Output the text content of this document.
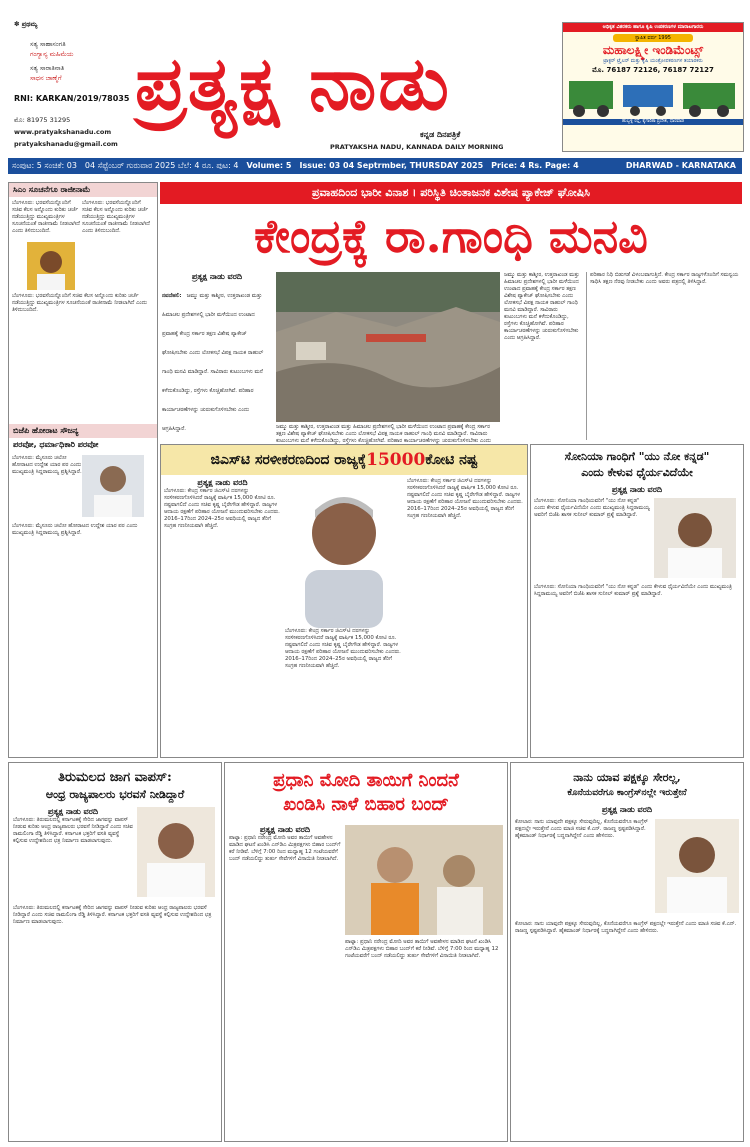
✽ ಪ್ರಥಮ್ಯ
ಸತ್ಯ ಸಾಹಾಸಂಗತಿ
ಗಂಗ್ಯಾನ್ಯ ಮಹಿಮೆಯ
ಸತ್ಯ ಸಾರಾತಿನಾತಿ
ಸಾಧನ ಜಾಣ್ಮೆಗೆ
RNI: KARKAN/2019/78035
ಮೊ: 81975 31295
www.pratyakshanadu.com
pratyakshanadu@gmail.com
ಪ್ರತ್ಯಕ್ಷ ನಾಡು
ಕನ್ನಡ ದಿನಪತ್ರಿಕೆ
PRATYAKSHA NADU, KANNADA DAILY MORNING
ಅಧಿಕೃತ ವಿತರಕರು ಹಾಗೂ ಕೃಷಿ ಉಪಕರಣಗಳ ಮಾರಾಟಗಾರರು
ಸ್ಥಾಪಿತ ವರ್ಷ 1995
ಮಹಾಲಕ್ಷ್ಮೀ ಇಂಡಿಮೆಂಟ್ಸ್
ಟ್ರಾಕ್ಟರ್ ಟ್ರೈಲರ್ ಮತ್ತು ಕೃಷಿ ಯಂತ್ರೋಪಕರಣಗಳ ತಯಾರಕರು
ಮೊ. 76187 72126, 76187 72127
ಹುಬ್ಬಳ್ಳಿ ರಸ್ತೆ, ಕೈಗಾರಿಕಾ ಪ್ರದೇಶ, ಧಾರವಾಡ
ಸಂಪುಟ: 5 ಸಂಚಿಕೆ: 03 04 ಸೆಪ್ಟೆಂಬರ್ ಗುರುವಾರ 2025 ಬೆಲೆ: 4 ರೂ. ಪುಟ: 4 Volume: 5 Issue: 03 04 Septrmber, THURSDAY 2025 Price: 4 Rs. Page: 4	DHARWAD - KARNATAKA
ಸಿಎಂ ಸೂಚನೆಗೂ ರಾಜೀನಾಮೆ
ಬೆಂಗಳೂರು: ಭರವಸೆಯನ್ನೊಂದಿಗೆ ಸಚಿವ ಕೆಲಸ ಅನ್ನೊಂದು ಕುರಿತು ಚರ್ಚೆ ನಡೆಯುತ್ತಿದ್ದು ಮುಖ್ಯಮಂತ್ರಿಗಳ ಸೂಚನೆಯಂತೆ ರಾಜೀನಾಮೆ ನೀಡಲಾಗಿದೆ ಎಂದು ತಿಳಿದುಬಂದಿದೆ.
ಬೆಂಗಳೂರು: ಭರವಸೆಯನ್ನೊಂದಿಗೆ ಸಚಿವ ಕೆಲಸ ಅನ್ನೊಂದು ಕುರಿತು ಚರ್ಚೆ ನಡೆಯುತ್ತಿದ್ದು ಮುಖ್ಯಮಂತ್ರಿಗಳ ಸೂಚನೆಯಂತೆ ರಾಜೀನಾಮೆ ನೀಡಲಾಗಿದೆ ಎಂದು ತಿಳಿದುಬಂದಿದೆ.
ಬೆಂಗಳೂರು: ಭರವಸೆಯನ್ನೊಂದಿಗೆ ಸಚಿವ ಕೆಲಸ ಅನ್ನೊಂದು ಕುರಿತು ಚರ್ಚೆ ನಡೆಯುತ್ತಿದ್ದು ಮುಖ್ಯಮಂತ್ರಿಗಳ ಸೂಚನೆಯಂತೆ ರಾಜೀನಾಮೆ ನೀಡಲಾಗಿದೆ ಎಂದು ತಿಳಿದುಬಂದಿದೆ.
ಬಿಜೆಪಿ ಹೋರಾಟ ಸೌಜನ್ಯ
ಪರವೋ, ಧರ್ಮಾಧಿಕಾರಿ ಪರವೋ
ಬೆಂಗಳೂರು: ಮೈಸೂರು ಚಲೋ ಹೋರಾಟದ ಉದ್ದೇಶ ಯಾರ ಪರ ಎಂದು ಮುಖ್ಯಮಂತ್ರಿ ಸಿದ್ದರಾಮಯ್ಯ ಪ್ರಶ್ನಿಸಿದ್ದಾರೆ.
ಬೆಂಗಳೂರು: ಮೈಸೂರು ಚಲೋ ಹೋರಾಟದ ಉದ್ದೇಶ ಯಾರ ಪರ ಎಂದು ಮುಖ್ಯಮಂತ್ರಿ ಸಿದ್ದರಾಮಯ್ಯ ಪ್ರಶ್ನಿಸಿದ್ದಾರೆ.
ಪ್ರವಾಹದಿಂದ ಭಾರೀ ವಿನಾಶ । ಪರಿಸ್ಥಿತಿ ಚಿಂತಾಜನಕ ವಿಶೇಷ ಪ್ಯಾಕೇಜ್ ಘೋಷಿಸಿ
ಕೇಂದ್ರಕ್ಕೆ ರಾ.ಗಾಂಧಿ ಮನವಿ
ಪ್ರತ್ಯಕ್ಷ ನಾಡು ವರದಿ
ನವದೆಹಲಿ: ಜಮ್ಮು ಮತ್ತು ಕಾಶ್ಮೀರ, ಉತ್ತರಾಖಂಡ ಮತ್ತು ಹಿಮಾಚಲ ಪ್ರದೇಶಗಳಲ್ಲಿ ಭಾರೀ ಮಳೆಯಿಂದ ಉಂಟಾದ ಪ್ರವಾಹಕ್ಕೆ ಕೇಂದ್ರ ಸರ್ಕಾರ ತಕ್ಷಣ ವಿಶೇಷ ಪ್ಯಾಕೇಜ್ ಘೋಷಿಸಬೇಕು ಎಂದು ಲೋಕಸಭೆ ವಿಪಕ್ಷ ನಾಯಕ ರಾಹುಲ್ ಗಾಂಧಿ ಮನವಿ ಮಾಡಿದ್ದಾರೆ. ಸಾವಿರಾರು ಕುಟುಂಬಗಳು ಮನೆ ಕಳೆದುಕೊಂಡಿದ್ದು, ರಸ್ತೆಗಳು ಕೊಚ್ಚಿಹೋಗಿವೆ. ಪರಿಹಾರ ಕಾರ್ಯಾಚರಣೆಗಳನ್ನು ಚುರುಕುಗೊಳಿಸಬೇಕು ಎಂದು ಆಗ್ರಹಿಸಿದ್ದಾರೆ.	ಜಮ್ಮು ಮತ್ತು ಕಾಶ್ಮೀರ, ಉತ್ತರಾಖಂಡ ಮತ್ತು ಹಿಮಾಚಲ ಪ್ರದೇಶಗಳಲ್ಲಿ ಭಾರೀ ಮಳೆಯಿಂದ ಉಂಟಾದ ಪ್ರವಾಹಕ್ಕೆ ಕೇಂದ್ರ ಸರ್ಕಾರ ತಕ್ಷಣ ವಿಶೇಷ ಪ್ಯಾಕೇಜ್ ಘೋಷಿಸಬೇಕು ಎಂದು ಲೋಕಸಭೆ ವಿಪಕ್ಷ ನಾಯಕ ರಾಹುಲ್ ಗಾಂಧಿ ಮನವಿ ಮಾಡಿದ್ದಾರೆ. ಸಾವಿರಾರು ಕುಟುಂಬಗಳು ಮನೆ ಕಳೆದುಕೊಂಡಿದ್ದು, ರಸ್ತೆಗಳು ಕೊಚ್ಚಿಹೋಗಿವೆ. ಪರಿಹಾರ ಕಾರ್ಯಾಚರಣೆಗಳನ್ನು ಚುರುಕುಗೊಳಿಸಬೇಕು ಎಂದು
ಜಮ್ಮು ಮತ್ತು ಕಾಶ್ಮೀರ, ಉತ್ತರಾಖಂಡ ಮತ್ತು ಹಿಮಾಚಲ ಪ್ರದೇಶಗಳಲ್ಲಿ ಭಾರೀ ಮಳೆಯಿಂದ ಉಂಟಾದ ಪ್ರವಾಹಕ್ಕೆ ಕೇಂದ್ರ ಸರ್ಕಾರ ತಕ್ಷಣ ವಿಶೇಷ ಪ್ಯಾಕೇಜ್ ಘೋಷಿಸಬೇಕು ಎಂದು ಲೋಕಸಭೆ ವಿಪಕ್ಷ ನಾಯಕ ರಾಹುಲ್ ಗಾಂಧಿ ಮನವಿ ಮಾಡಿದ್ದಾರೆ. ಸಾವಿರಾರು ಕುಟುಂಬಗಳು ಮನೆ ಕಳೆದುಕೊಂಡಿದ್ದು, ರಸ್ತೆಗಳು ಕೊಚ್ಚಿಹೋಗಿವೆ. ಪರಿಹಾರ ಕಾರ್ಯಾಚರಣೆಗಳನ್ನು ಚುರುಕುಗೊಳಿಸಬೇಕು ಎಂದು ಆಗ್ರಹಿಸಿದ್ದಾರೆ.
ಪರಿಹಾರ ನಿಧಿ ಬಿಡುಗಡೆ ವಿಳಂಬವಾಗುತ್ತಿದೆ. ಕೇಂದ್ರ ಸರ್ಕಾರ ರಾಜ್ಯಗಳೊಂದಿಗೆ ಸಮನ್ವಯ ಸಾಧಿಸಿ ತಕ್ಷಣ ನೆರವು ನೀಡಬೇಕು ಎಂದು ಅವರು ಪತ್ರದಲ್ಲಿ ತಿಳಿಸಿದ್ದಾರೆ.
ಜಿಎಸ್‌ಟಿ ಸರಳೀಕರಣದಿಂದ ರಾಜ್ಯಕ್ಕೆ 15000 ಕೋಟಿ ನಷ್ಟ
ಪ್ರತ್ಯಕ್ಷ ನಾಡು ವರದಿ
ಬೆಂಗಳೂರು: ಕೇಂದ್ರ ಸರ್ಕಾರ ಜಿಎಸ್‌ಟಿ ದರಗಳನ್ನು ಸರಳೀಕರಣಗೊಳಿಸಿದರೆ ರಾಜ್ಯಕ್ಕೆ ವಾರ್ಷಿಕ 15,000 ಕೋಟಿ ರೂ. ನಷ್ಟವಾಗಲಿದೆ ಎಂದು ಸಚಿವ ಕೃಷ್ಣ ಬೈರೇಗೌಡ ಹೇಳಿದ್ದಾರೆ. ರಾಜ್ಯಗಳ ಆದಾಯ ರಕ್ಷಣೆಗೆ ಪರಿಹಾರ ಯೋಜನೆ ಮುಂದುವರಿಸಬೇಕು ಎಂದರು. 2016–17ರಿಂದ 2024–25ರ ಅವಧಿಯಲ್ಲಿ ರಾಜ್ಯದ ತೆರಿಗೆ ಸಂಗ್ರಹ ಗಣನೀಯವಾಗಿ ಹೆಚ್ಚಿದೆ.
ಬೆಂಗಳೂರು: ಕೇಂದ್ರ ಸರ್ಕಾರ ಜಿಎಸ್‌ಟಿ ದರಗಳನ್ನು ಸರಳೀಕರಣಗೊಳಿಸಿದರೆ ರಾಜ್ಯಕ್ಕೆ ವಾರ್ಷಿಕ 15,000 ಕೋಟಿ ರೂ. ನಷ್ಟವಾಗಲಿದೆ ಎಂದು ಸಚಿವ ಕೃಷ್ಣ ಬೈರೇಗೌಡ ಹೇಳಿದ್ದಾರೆ. ರಾಜ್ಯಗಳ ಆದಾಯ ರಕ್ಷಣೆಗೆ ಪರಿಹಾರ ಯೋಜನೆ ಮುಂದುವರಿಸಬೇಕು ಎಂದರು. 2016–17ರಿಂದ 2024–25ರ ಅವಧಿಯಲ್ಲಿ ರಾಜ್ಯದ ತೆರಿಗೆ ಸಂಗ್ರಹ ಗಣನೀಯವಾಗಿ ಹೆಚ್ಚಿದೆ.
ಬೆಂಗಳೂರು: ಕೇಂದ್ರ ಸರ್ಕಾರ ಜಿಎಸ್‌ಟಿ ದರಗಳನ್ನು ಸರಳೀಕರಣಗೊಳಿಸಿದರೆ ರಾಜ್ಯಕ್ಕೆ ವಾರ್ಷಿಕ 15,000 ಕೋಟಿ ರೂ. ನಷ್ಟವಾಗಲಿದೆ ಎಂದು ಸಚಿವ ಕೃಷ್ಣ ಬೈರೇಗೌಡ ಹೇಳಿದ್ದಾರೆ. ರಾಜ್ಯಗಳ ಆದಾಯ ರಕ್ಷಣೆಗೆ ಪರಿಹಾರ ಯೋಜನೆ ಮುಂದುವರಿಸಬೇಕು ಎಂದರು. 2016–17ರಿಂದ 2024–25ರ ಅವಧಿಯಲ್ಲಿ ರಾಜ್ಯದ ತೆರಿಗೆ ಸಂಗ್ರಹ ಗಣನೀಯವಾಗಿ ಹೆಚ್ಚಿದೆ.
ಸೋನಿಯಾ ಗಾಂಧಿಗೆ "ಯು ನೋ ಕನ್ನಡ"
ಎಂದು ಕೇಳುವ ಧೈರ್ಯವಿದೆಯೇ
ಪ್ರತ್ಯಕ್ಷ ನಾಡು ವರದಿ
ಬೆಂಗಳೂರು: ಸೋನಿಯಾ ಗಾಂಧಿಯವರಿಗೆ "ಯು ನೋ ಕನ್ನಡ" ಎಂದು ಕೇಳುವ ಧೈರ್ಯವಿದೆಯೇ ಎಂದು ಮುಖ್ಯಮಂತ್ರಿ ಸಿದ್ದರಾಮಯ್ಯ ಅವರಿಗೆ ಬಿಜೆಪಿ ಶಾಸಕ ಸುನೀಲ್ ಕುಮಾರ್ ಪ್ರಶ್ನೆ ಮಾಡಿದ್ದಾರೆ.
ಬೆಂಗಳೂರು: ಸೋನಿಯಾ ಗಾಂಧಿಯವರಿಗೆ "ಯು ನೋ ಕನ್ನಡ" ಎಂದು ಕೇಳುವ ಧೈರ್ಯವಿದೆಯೇ ಎಂದು ಮುಖ್ಯಮಂತ್ರಿ ಸಿದ್ದರಾಮಯ್ಯ ಅವರಿಗೆ ಬಿಜೆಪಿ ಶಾಸಕ ಸುನೀಲ್ ಕುಮಾರ್ ಪ್ರಶ್ನೆ ಮಾಡಿದ್ದಾರೆ.
ತಿರುಮಲದ ಜಾಗ ವಾಪಸ್:
ಆಂಧ್ರ ರಾಜ್ಯಪಾಲರು ಭರವಸೆ ನೀಡಿದ್ದಾರೆ
ಪ್ರತ್ಯಕ್ಷ ನಾಡು ವರದಿ
ಬೆಂಗಳೂರು: ತಿರುಮಲದಲ್ಲಿ ಕರ್ನಾಟಕಕ್ಕೆ ಸೇರಿದ ಜಾಗವನ್ನು ವಾಪಸ್ ನೀಡುವ ಕುರಿತು ಆಂಧ್ರ ರಾಜ್ಯಪಾಲರು ಭರವಸೆ ನೀಡಿದ್ದಾರೆ ಎಂದು ಸಚಿವ ರಾಮಲಿಂಗಾ ರೆಡ್ಡಿ ತಿಳಿಸಿದ್ದಾರೆ. ಕರ್ನಾಟಕ ಭಕ್ತರಿಗೆ ವಸತಿ ವ್ಯವಸ್ಥೆ ಕಲ್ಪಿಸುವ ಉದ್ದೇಶದಿಂದ ಛತ್ರ ನಿರ್ಮಾಣ ಮಾಡಲಾಗುವುದು.
ಬೆಂಗಳೂರು: ತಿರುಮಲದಲ್ಲಿ ಕರ್ನಾಟಕಕ್ಕೆ ಸೇರಿದ ಜಾಗವನ್ನು ವಾಪಸ್ ನೀಡುವ ಕುರಿತು ಆಂಧ್ರ ರಾಜ್ಯಪಾಲರು ಭರವಸೆ ನೀಡಿದ್ದಾರೆ ಎಂದು ಸಚಿವ ರಾಮಲಿಂಗಾ ರೆಡ್ಡಿ ತಿಳಿಸಿದ್ದಾರೆ. ಕರ್ನಾಟಕ ಭಕ್ತರಿಗೆ ವಸತಿ ವ್ಯವಸ್ಥೆ ಕಲ್ಪಿಸುವ ಉದ್ದೇಶದಿಂದ ಛತ್ರ ನಿರ್ಮಾಣ ಮಾಡಲಾಗುವುದು.
ಪ್ರಧಾನಿ ಮೋದಿ ತಾಯಿಗೆ ನಿಂದನೆ
ಖಂಡಿಸಿ ನಾಳೆ ಬಿಹಾರ ಬಂದ್
ಪ್ರತ್ಯಕ್ಷ ನಾಡು ವರದಿ
ಪಾಟ್ನಾ: ಪ್ರಧಾನಿ ನರೇಂದ್ರ ಮೋದಿ ಅವರ ತಾಯಿಗೆ ಅವಹೇಳನ ಮಾಡಿದ ಘಟನೆ ಖಂಡಿಸಿ ಎನ್‌ಡಿಎ ಮಿತ್ರಪಕ್ಷಗಳು ಬಿಹಾರ ಬಂದ್‌ಗೆ ಕರೆ ನೀಡಿವೆ. ಬೆಳಿಗ್ಗೆ 7:00 ರಿಂದ ಮಧ್ಯಾಹ್ನ 12 ಗಂಟೆಯವರೆಗೆ ಬಂದ್ ನಡೆಯಲಿದ್ದು ತುರ್ತು ಸೇವೆಗಳಿಗೆ ವಿನಾಯಿತಿ ನೀಡಲಾಗಿದೆ.
ಪಾಟ್ನಾ: ಪ್ರಧಾನಿ ನರೇಂದ್ರ ಮೋದಿ ಅವರ ತಾಯಿಗೆ ಅವಹೇಳನ ಮಾಡಿದ ಘಟನೆ ಖಂಡಿಸಿ ಎನ್‌ಡಿಎ ಮಿತ್ರಪಕ್ಷಗಳು ಬಿಹಾರ ಬಂದ್‌ಗೆ ಕರೆ ನೀಡಿವೆ. ಬೆಳಿಗ್ಗೆ 7:00 ರಿಂದ ಮಧ್ಯಾಹ್ನ 12 ಗಂಟೆಯವರೆಗೆ ಬಂದ್ ನಡೆಯಲಿದ್ದು ತುರ್ತು ಸೇವೆಗಳಿಗೆ ವಿನಾಯಿತಿ ನೀಡಲಾಗಿದೆ.
ನಾನು ಯಾವ ಪಕ್ಷಕ್ಕೂ ಸೇರಲ್ಲ,
ಕೊನೆಯವರೆಗೂ ಕಾಂಗ್ರೆಸ್‌ನಲ್ಲೇ ಇರುತ್ತೇನೆ
ಪ್ರತ್ಯಕ್ಷ ನಾಡು ವರದಿ
ಕೋಲಾರ: ನಾನು ಯಾವುದೇ ಪಕ್ಷಕ್ಕೂ ಸೇರುವುದಿಲ್ಲ, ಕೊನೆಯವರೆಗೂ ಕಾಂಗ್ರೆಸ್ ಪಕ್ಷದಲ್ಲೇ ಇರುತ್ತೇನೆ ಎಂದು ಮಾಜಿ ಸಚಿವ ಕೆ.ಎನ್. ರಾಜಣ್ಣ ಸ್ಪಷ್ಟಪಡಿಸಿದ್ದಾರೆ. ಹೈಕಮಾಂಡ್ ನಿರ್ಧಾರಕ್ಕೆ ಬದ್ಧನಾಗಿದ್ದೇನೆ ಎಂದು ಹೇಳಿದರು.
ಕೋಲಾರ: ನಾನು ಯಾವುದೇ ಪಕ್ಷಕ್ಕೂ ಸೇರುವುದಿಲ್ಲ, ಕೊನೆಯವರೆಗೂ ಕಾಂಗ್ರೆಸ್ ಪಕ್ಷದಲ್ಲೇ ಇರುತ್ತೇನೆ ಎಂದು ಮಾಜಿ ಸಚಿವ ಕೆ.ಎನ್. ರಾಜಣ್ಣ ಸ್ಪಷ್ಟಪಡಿಸಿದ್ದಾರೆ. ಹೈಕಮಾಂಡ್ ನಿರ್ಧಾರಕ್ಕೆ ಬದ್ಧನಾಗಿದ್ದೇನೆ ಎಂದು ಹೇಳಿದರು.
